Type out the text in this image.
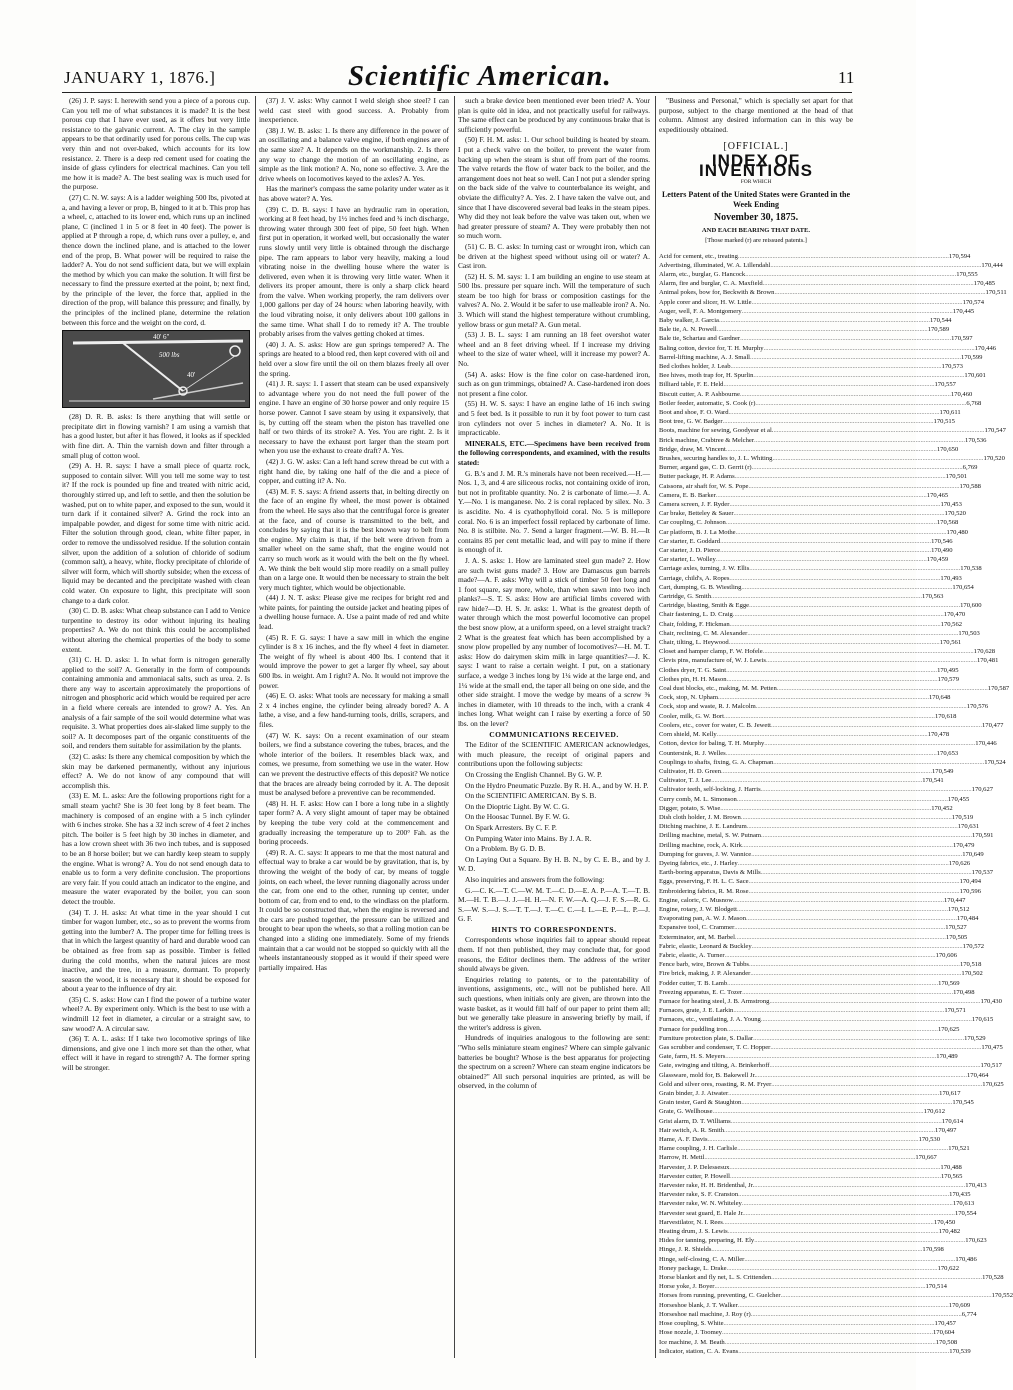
JANUARY 1, 1876.]	Scientific American.	11

(26) J. P. says: I. herewith send you a piece of a porous cup. Can you tell me of what substances it is made? It is the best porous cup that I have ever used, as it offers but very little resistance to the galvanic current. A. The clay in the sample appears to be that ordinarily used for porous cells. The cup was very thin and not over-baked, which accounts for its low resistance. 2. There is a deep red cement used for coating the inside of glass cylinders for electrical machines. Can you tell me how it is made? A. The best sealing wax is much used for the purpose.

(27) C. N. W. says: A is a ladder weighing 500 lbs, pivoted at a, and having a lever or prop, B, hinged to it at b. This prop has a wheel, c, attached to its lower end, which runs up an inclined plane, C (inclined 1 in 5 or 8 feet in 40 feet). The power is applied at P through a rope, d, which runs over a pulley, e, and thence down the inclined plane, and is attached to the lower end of the prop, B. What power will be required to raise the ladder? A. You do not send sufficient data, but we will explain the method by which you can make the solution. It will first be necessary to find the pressure exerted at the point, b; next find, by the principle of the lever, the force that, applied in the direction of the prop, will balance this pressure; and finally, by the principles of the inclined plane, determine the relation between this force and the weight on the cord, d.

40' 6"
500 lbs
40'

(28) D. R. B. asks: Is there anything that will settle or precipitate dirt in flowing varnish? I am using a varnish that has a good luster, but after it has flowed, it looks as if speckled with fine dirt. A. Thin the varnish down and filter through a small plug of cotton wool.

(29) A. H. R. says: I have a small piece of quartz rock, supposed to contain silver. Will you tell me some way to test it? If the rock is pounded up fine and treated with nitric acid, thoroughly stirred up, and left to settle, and then the solution be washed, put on to white paper, and exposed to the sun, would it turn dark if it contained silver? A. Grind the rock into an impalpable powder, and digest for some time with nitric acid. Filter the solution through good, clean, white filter paper, in order to remove the undissolved residue. If the solution contain silver, upon the addition of a solution of chloride of sodium (common salt), a heavy, white, flocky precipitate of chloride of silver will form, which will shortly subside; when the excess of liquid may be decanted and the precipitate washed with clean cold water. On exposure to light, this precipitate will soon change to a dark color.

(30) C. D. B. asks: What cheap substance can I add to Venice turpentine to destroy its odor without injuring its healing properties? A. We do not think this could be accomplished without altering the chemical properties of the body to some extent.

(31) C. H. D. asks: 1. In what form is nitrogen generally applied to the soil? A. Generally in the form of compounds containing ammonia and ammoniacal salts, such as urea. 2. Is there any way to ascertain approximately the proportions of nitrogen and phosphoric acid which would be required per acre in a field where cereals are intended to grow? A. Yes. An analysis of a fair sample of the soil would determine what was requisite. 3. What properties does air-slaked lime supply to the soil? A. It decomposes part of the organic constituents of the soil, and renders them suitable for assimilation by the plants.

(32) C. asks: Is there any chemical composition by which the skin may be darkened permanently, without any injurious effect? A. We do not know of any compound that will accomplish this.

(33) E. M. L. asks: Are the following proportions right for a small steam yacht? She is 30 feet long by 8 feet beam. The machinery is composed of an engine with a 5 inch cylinder with 6 inches stroke. She has a 32 inch screw of 4 feet 2 inches pitch. The boiler is 5 feet high by 30 inches in diameter, and has a low crown sheet with 36 two inch tubes, and is supposed to be an 8 horse boiler; but we can hardly keep steam to supply the engine. What is wrong? A. You do not send enough data to enable us to form a very definite conclusion. The proportions are very fair. If you could attach an indicator to the engine, and measure the water evaporated by the boiler, you can soon detect the trouble.

(34) T. J. H. asks: At what time in the year should I cut timber for wagon lumber, etc., so as to prevent the worms from getting into the lumber? A. The proper time for felling trees is that in which the largest quantity of hard and durable wood can be obtained as free from sap as possible. Timber is felled during the cold months, when the natural juices are most inactive, and the tree, in a measure, dormant. To properly season the wood, it is necessary that it should be exposed for about a year to the influence of dry air.

(35) C. S. asks: How can I find the power of a turbine water wheel? A. By experiment only. Which is the best to use with a windmill 12 feet in diameter, a circular or a straight saw, to saw wood? A. A circular saw.

(36) T. A. L. asks: If I take two locomotive springs of like dimensions, and give one 1 inch more set than the other, what effect will it have in regard to strength? A. The former spring will be stronger.

(37) J. V. asks: Why cannot I weld sleigh shoe steel? I can weld cast steel with good success. A. Probably from inexperience.

(38) J. W. B. asks: 1. Is there any difference in the power of an oscillating and a balance valve engine, if both engines are of the same size? A. It depends on the workmanship. 2. Is there any way to change the motion of an oscillating engine, as simple as the link motion? A. No, none so effective. 3. Are the drive wheels on locomotives keyed to the axles? A. Yes.

Has the mariner's compass the same polarity under water as it has above water? A. Yes.

(39) C. D. B. says: I have an hydraulic ram in operation, working at 8 feet head, by 1½ inches feed and ¾ inch discharge, throwing water through 300 feet of pipe, 50 feet high. When first put in operation, it worked well, but occasionally the water runs slowly until very little is obtained through the discharge pipe. The ram appears to labor very heavily, making a loud vibrating noise in the dwelling house where the water is delivered, even when it is throwing very little water. When it delivers its proper amount, there is only a sharp click heard from the valve. When working properly, the ram delivers over 1,000 gallons per day of 24 hours: when laboring heavily, with the loud vibrating noise, it only delivers about 100 gallons in the same time. What shall I do to remedy it? A. The trouble probably arises from the valves getting choked at times.

(40) J. A. S. asks: How are gun springs tempered? A. The springs are heated to a blood red, then kept covered with oil and held over a slow fire until the oil on them blazes freely all over the spring.

(41) J. R. says: 1. I assert that steam can be used expansively to advantage where you do not need the full power of the engine. I have an engine of 30 horse power and only require 15 horse power. Cannot I save steam by using it expansively, that is, by cutting off the steam when the piston has travelled one half or two thirds of its stroke? A. Yes. You are right. 2. Is it necessary to have the exhaust port larger than the steam port when you use the exhaust to create draft? A. Yes.

(42) J. G. W. asks: Can a left hand screw thread be cut with a right hand die, by taking one half of the die and a piece of copper, and cutting it? A. No.

(43) M. F. S. says: A friend asserts that, in belting directly on the face of an engine fly wheel, the most power is obtained from the wheel. He says also that the centrifugal force is greater at the face, and of course is transmitted to the belt, and concludes by saying that it is the best known way to belt from the engine. My claim is that, if the belt were driven from a smaller wheel on the same shaft, that the engine would not carry so much work as it would with the belt on the fly wheel. A. We think the belt would slip more readily on a small pulley than on a large one. It would then be necessary to strain the belt very much tighter, which would be objectionable.

(44) J. N. T. asks: Please give me recipes for bright red and white paints, for painting the outside jacket and heating pipes of a dwelling house furnace. A. Use a paint made of red and white lead.

(45) R. F. G. says: I have a saw mill in which the engine cylinder is 8 x 16 inches, and the fly wheel 4 feet in diameter. The weight of fly wheel is about 400 lbs. I contend that it would improve the power to get a larger fly wheel, say about 600 lbs. in weight. Am I right? A. No. It would not improve the power.

(46) E. O. asks: What tools are necessary for making a small 2 x 4 inches engine, the cylinder being already bored? A. A lathe, a vise, and a few hand-turning tools, drills, scrapers, and files.

(47) W. K. says: On a recent examination of our steam boilers, we find a substance covering the tubes, braces, and the whole interior of the boilers. It resembles black wax, and comes, we presume, from something we use in the water. How can we prevent the destructive effects of this deposit? We notice that the braces are already being corroded by it. A. The deposit must be analysed before a preventive can be recommended.

(48) H. H. F. asks: How can I bore a long tube in a slightly taper form? A. A very slight amount of taper may be obtained by keeping the tube very cold at the commencement and gradually increasing the temperature up to 200° Fah. as the boring proceeds.

(49) R. A. C. says: It appears to me that the most natural and effectual way to brake a car would be by gravitation, that is, by throwing the weight of the body of car, by means of toggle joints, on each wheel, the lever running diagonally across under the car, from one end to the other, running up center, under bottom of car, from end to end, to the windlass on the platform. It could be so constructed that, when the engine is reversed and the cars are pushed together, the pressure can be utilized and brought to bear upon the wheels, so that a rolling motion can be changed into a sliding one immediately. Some of my friends maintain that a car would not be stopped so quickly with all the wheels instantaneously stopped as it would if their speed were partially impaired. Has

such a brake device been mentioned ever been tried? A. Your plan is quite old in idea, and not practically useful for railways. The same effect can be produced by any continuous brake that is sufficiently powerful.

(50) F. H. M. asks: 1. Our school building is heated by steam. I put a check valve on the boiler, to prevent the water from backing up when the steam is shut off from part of the rooms. The valve retards the flow of water back to the boiler, and the arrangement does not heat so well. Can I not put a slender spring on the back side of the valve to counterbalance its weight, and obviate the difficulty? A. Yes. 2. I have taken the valve out, and since that I have discovered several bad leaks in the steam pipes. Why did they not leak before the valve was taken out, when we had greater pressure of steam? A. They were probably then not so much worn.

(51) C. B. C. asks: In turning cast or wrought iron, which can be driven at the highest speed without using oil or water? A. Cast iron.

(52) H. S. M. says: 1. I am building an engine to use steam at 500 lbs. pressure per square inch. Will the temperature of such steam be too high for brass or composition castings for the valves? A. No. 2. Would it be safer to use malleable iron? A. No. 3. Which will stand the highest temperature without crumbling, yellow brass or gun metal? A. Gun metal.

(53) J. B. L. says: I am running an 18 feet overshot water wheel and an 8 feet driving wheel. If I increase my driving wheel to the size of water wheel, will it increase my power? A. No.

(54) A. asks: How is the fine color on case-hardened iron, such as on gun trimmings, obtained? A. Case-hardened iron does not present a fine color.

(55) H. W. S. says: I have an engine lathe of 16 inch swing and 5 feet bed. Is it possible to run it by foot power to turn cast iron cylinders not over 5 inches in diameter? A. No. It is impracticable.

MINERALS, ETC.—Specimens have been received from the following correspondents, and examined, with the results stated:

G. B.'s and J. M. R.'s minerals have not been received.—H.—Nos. 1, 3, and 4 are siliceous rocks, not containing oxide of iron, but not in profitable quantity. No. 2 is carbonate of lime.—J. A. Y.—No. 1 is manganese. No. 2 is coral replaced by silex. No. 3 is ascidite. No. 4 is cyathophylloid coral. No. 5 is millepore coral. No. 6 is an imperfect fossil replaced by carbonate of lime. No. 8 is stilbite. No. 7. Send a larger fragment.—W. B. H.—It contains 85 per cent metallic lead, and will pay to mine if there is enough of it.

J. A. S. asks: 1. How are laminated steel gun made? 2. How are such twist guns made? 3. How are Damascus gun barrels made?—A. F. asks: Why will a stick of timber 50 feet long and 1 foot square, say more, whole, than when sawn into two inch planks?—S. T. S. asks: How are artificial limbs covered with raw hide?—D. H. S. Jr. asks: 1. What is the greatest depth of water through which the most powerful locomotive can propel the best snow plow, at a uniform speed, on a level straight track? 2 What is the greatest feat which has been accomplished by a snow plow propelled by any number of locomotives?—H. M. T. asks: How do dairymen skim milk in large quantities?—J. K. says: I want to raise a certain weight. I put, on a stationary surface, a wedge 3 inches long by 1¼ wide at the large end, and 1¼ wide at the small end, the taper all being on one side, and the other side straight. I move the wedge by means of a screw ⅜ inches in diameter, with 10 threads to the inch, with a crank 4 inches long. What weight can I raise by exerting a force of 50 lbs. on the lever?

COMMUNICATIONS RECEIVED.

The Editor of the SCIENTIFIC AMERICAN acknowledges, with much pleasure, the receipt of original papers and contributions upon the following subjects:

On Crossing the English Channel. By G. W. P.

On the Hydro Pneumatic Puzzle. By R. H. A., and by W. H. P.

On the SCIENTIFIC AMERICAN. By S. B.

On the Dioptric Light. By W. C. G.

On the Hoosac Tunnel. By F. W. G.

On Spark Arresters. By C. F. P.

On Pumping Water into Mains. By J. A. R.

On a Problem. By G. D. B.

On Laying Out a Square. By H. B. N., by C. E. B., and by J. W. D.

Also inquiries and answers from the following:

G.—C. K.—T. C.—W. M. T.—C. D.—E. A. P.—A. T.—T. B. M.—H. T. B.—J. J.—H. H.—N. F. W.—A. Q.—J. F. S.—R. G. S.—W. S.—J. S.—T. T.—J. T.—C. C.—I. L.—E. P.—L. P.—J. G. F.

HINTS TO CORRESPONDENTS.

Correspondents whose inquiries fail to appear should repeat them. If not then published, they may conclude that, for good reasons, the Editor declines them. The address of the writer should always be given.

Enquiries relating to patents, or to the patentability of inventions, assignments, etc., will not be published here. All such questions, when initials only are given, are thrown into the waste basket, as it would fill half of our paper to print them all; but we generally take pleasure in answering briefly by mail, if the writer's address is given.

Hundreds of inquiries analogous to the following are sent: "Who sells miniature steam engines? Where can simple galvanic batteries be bought? Whose is the best apparatus for projecting the spectrum on a screen? Where can steam engine indicators be obtained?" All such personal inquiries are printed, as will be observed, in the column of

"Business and Personal," which is specially set apart for that purpose, subject to the charge mentioned at the head of that column. Almost any desired information can in this way be expeditiously obtained.

[OFFICIAL.]
INDEX OF INVENTIONS
FOR WHICH
Letters Patent of the United States were Granted in the Week Ending
November 30, 1875.
AND EACH BEARING THAT DATE.
[Those marked (r) are reissued patents.]
Acid for cement, etc., treating .....	170,594
Advertising, illuminated, W. A. Lillendahl .....	170,444
Alarm, etc., burglar, G. Hancock .....	170,555
Alarm, fire and burglar, C. A. Maxfield .....	170,485
Animal pokes, bow for, Beckwith & Brown .....	170,511
Apple corer and slicer, H. W. Little .....	170,574
Auger, well, F. A. Montgomery .....	170,445
Baby walker, J. Garcia .....	170,544
Bale tie, A. N. Powell .....	170,589
Bale tie, Schartau and Gardner .....	170,597
Baling cotton, device for, T. H. Murphy .....	170,446
Barrel-lifting machine, A. J. Small .....	170,599
Bed clothes holder, J. Leab .....	170,573
Bee hives, moth trap for, H. Spurlin .....	170,601
Billiard table, F. E. Held .....	170,557
Biscuit cutter, A. P. Ashbourne .....	170,460
Boiler feeder, automatic, S. Cook (r) .....	6,768
Boot and shoe, F. O. Ward .....	170,611
Boot tree, G. W. Badger .....	170,515
Boots, machine for sewing, Goodyear et al. .....	170,547
Brick machine, Crabtree & Melcher .....	170,536
Bridge, draw, M. Vincent .....	170,650
Brushes, securing handles to, J. L. Whiting .....	170,520
Burner, argand gas, C. D. Gerrit (r) .....	6,769
Butter package, H. P. Adams .....	170,501
Caissons, air shaft for, W. S. Pope .....	170,588
Camera, E. B. Barker .....	170,465
Camera screen, J. F. Ryder .....	170,453
Car brake, Betteley & Sauer .....	170,520
Car coupling, C. Johnson .....	170,568
Car platform, B. J. La Mothe .....	170,480
Car starter, E. Goddard .....	170,546
Car starter, J. D. Pierce .....	170,490
Car starter, L. Wolley .....	170,459
Carriage axles, turning, J. W. Ellis .....	170,538
Carriage, child's, A. Ropes .....	170,493
Cart, dumping, G. B. Wiestling .....	170,654
Cartridge, G. Smith .....	170,563
Cartridge, blasting, Smith & Egge .....	170,600
Chair fastening, L. D. Craig .....	170,470
Chair, folding, F. Hickman .....	170,562
Chair, reclining, C. M. Alexander .....	170,503
Chair, tilting, L. Heywood .....	170,561
Closet and hamper clamp, F. W. Hofele .....	170,628
Clevis pins, manufacture of, W. J. Lewis .....	170,481
Clothes dryer, T. G. Saint .....	170,495
Clothes pin, H. H. Mason .....	170,579
Coal dust blocks, etc., making, M. M. Petten .....	170,587
Cock, stop, N. Upham .....	170,648
Cock, stop and waste, R. J. Malcolm .....	170,576
Cooler, milk, G. W. Bort .....	170,618
Coolers, etc., cover for water, C. B. Jewett .....	170,477
Corn shield, M. Kelly .....	170,478
Cotton, device for baling, T. H. Murphy .....	170,446
Countersink, R. J. Welles .....	170,653
Couplings to shafts, fixing, G. A. Chapman .....	170,524
Cultivator, H. D. Green .....	170,549
Cultivator, T. J. Lee .....	170,541
Cultivator teeth, self-locking, J. Harris .....	170,627
Curry comb, M. L. Simonson .....	170,455
Digger, potato, S. Wise .....	170,452
Dish cloth holder, J. M. Brown .....	170,519
Ditching machine, J. E. Landrum .....	170,631
Drilling machine, metal, S. W. Putnam .....	170,591
Drilling machine, rock, A. Kirk .....	170,479
Dumping for graves, J. W. Vannice .....	170,649
Dyeing fabrics, etc., J. Harley .....	170,626
Earth-boring apparatus, Davis & Mills .....	170,537
Eggs, preserving, F. H. L. C. Sace .....	170,494
Embroidering fabrics, R. M. Rose .....	170,596
Engine, caloric, C. Musnow .....	170,447
Engine, rotary, J. W. Blodgett .....	170,512
Evaporating pan, A. W. J. Mason .....	170,484
Expansive tool, C. Crammer .....	170,527
Exterminator, ant, M. Barbel .....	170,505
Fabric, elastic, Leonard & Buckley .....	170,572
Fabric, elastic, A. Turner .....	170,606
Fence barb, wire, Brown & Tubbs .....	170,518
Fire brick, making, J. P. Alexander .....	170,502
Fodder cutter, T. B. Lamb .....	170,569
Freezing apparatus, E. C. Tozer .....	170,498
Furnace for heating steel, J. B. Armstrong .....	170,430
Furnaces, grate, J. E. Larkin .....	170,571
Furnaces, etc., ventilating, J. A. Young .....	170,615
Furnace for puddling iron .....	170,625
Furniture protection plate, S. Dallar .....	170,529
Gas scrubber and condenser, T. C. Hopper .....	170,475
Gate, farm, H. S. Meyers .....	170,489
Gate, swinging and tilting, A. Brinkerhoff .....	170,517
Glassware, mold for, B. Bakewell Jr. .....	170,464
Gold and silver ores, roasting, R. M. Fryer .....	170,625
Grain binder, J. J. Atwater .....	170,617
Grain tester, Gard & Staughton .....	170,545
Grate, G. Wellhouse .....	170,612
Grist alarm, D. T. Williams .....	170,614
Hair switch, A. R. Smith .....	170,497
Hame, A. F. Davis .....	170,530
Hame coupling, J. H. Carlisle .....	170,521
Harrow, H. Mettl .....	170,667
Harvester, J. P. Delessesux .....	170,488
Harvester cutter, P. Howell .....	170,565
Harvester rake, H. H. Bridenthal, Jr. .....	170,413
Harvester rake, S. F. Cranston .....	170,435
Harvester rake, W. N. Whiteley .....	170,613
Harvester seat guard, E. Hale Jr. .....	170,554
Harvestilator, N. I. Rees .....	170,450
Heating drum, J. S. Lewis .....	170,482
Hides for tanning, preparing, H. Ely .....	170,623
Hinge, J. R. Shields .....	170,598
Hinge, self-closing, C. A. Miller .....	170,486
Honey package, L. Drake .....	170,622
Horse blanket and fly net, L. S. Crittenden .....	170,528
Horse yoke, J. Boyer .....	170,514
Horses from running, preventing, C. Guelcher .....	170,552
Horseshoe blank, J. T. Walker .....	170,609
Horseshoe nail machine, J. Roy (r) .....	6,774
Hose coupling, S. White .....	170,457
Hose nozzle, J. Toomey .....	170,604
Ice machine, J. M. Beath .....	170,508
Indicator, station, C. A. Evans .....	170,539
